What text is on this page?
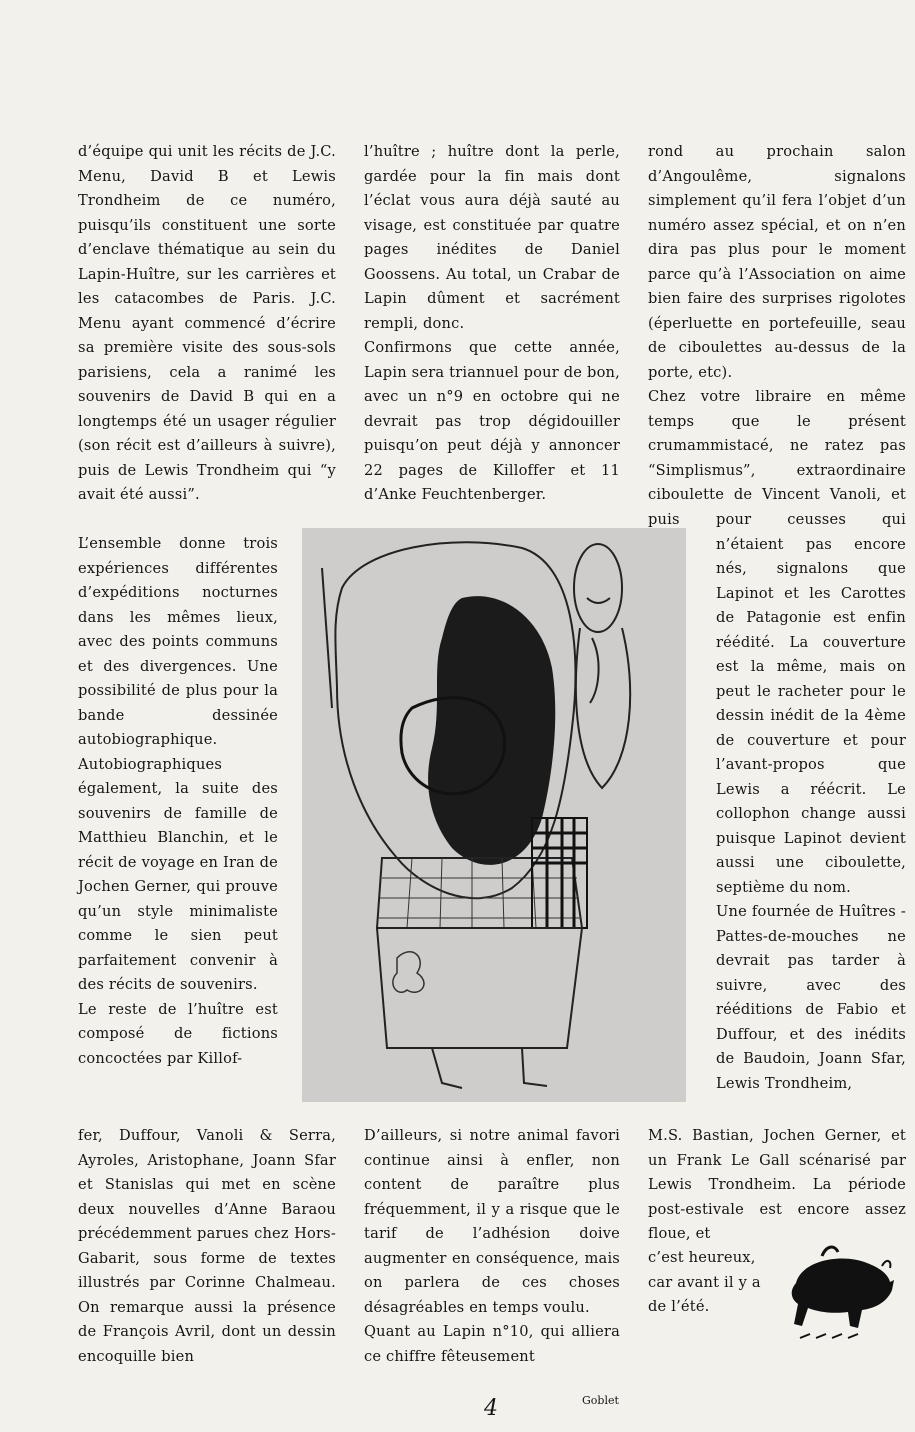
d’équipe qui unit les récits de J.C. Menu, David B et Lewis Trondheim de ce numéro, puisqu’ils constituent une sorte d’enclave thématique au sein du Lapin-Huître, sur les carrières et les catacombes de Paris. J.C. Menu ayant commencé d’écrire sa première visite des sous-sols parisiens, cela a ranimé les souvenirs de David B qui en a longtemps été un usager régulier (son récit est d’ailleurs à suivre), puis de Lewis Trondheim qui “y avait été aussi”.

L’ensemble donne trois expériences différentes d’expéditions nocturnes dans les mêmes lieux, avec des points communs et des divergences. Une possibilité de plus pour la bande dessinée autobiographique. Autobiographiques également, la suite des souvenirs de famille de Matthieu Blanchin, et le récit de voyage en Iran de Jochen Gerner, qui prouve qu’un style minimaliste comme le sien peut parfaitement convenir à des récits de souvenirs.

Le reste de l’huître est composé de fictions concoctées par Killof-

l’huître ; huître dont la perle, gardée pour la fin mais dont l’éclat vous aura déjà sauté au visage, est constituée par quatre pages inédites de Daniel Goossens. Au total, un Crabar de Lapin dûment et sacrément rempli, donc.

Confirmons que cette année, Lapin sera triannuel pour de bon, avec un n°9 en octobre qui ne devrait pas trop dégidouiller puisqu’on peut déjà y annoncer 22 pages de Killoffer et 11 d’Anke Feuchtenberger.

rond au prochain salon d’Angoulême, signalons simplement qu’il fera l’objet d’un numéro assez spécial, et on n’en dira pas plus pour le moment parce qu’à l’Association on aime bien faire des surprises rigolotes (éperluette en portefeuille, seau de ciboulettes au-dessus de la porte, etc).

Chez votre libraire en même temps que le présent crumammistacé, ne ratez pas “Simplismus”, extraordinaire ciboulette de Vincent Vanoli, et puis	pour ceusses qui n’étaient pas encore nés, signalons que Lapinot et les Carottes de Patagonie est enfin réédité. La couverture est la même, mais on peut le racheter pour le dessin inédit de la 4ème de couverture et pour l’avant-propos que Lewis a réécrit. Le collophon change aussi puisque Lapinot devient aussi une ciboulette, septième du nom.

Une fournée de Huîtres -Pattes-de-mouches ne devrait pas tarder à suivre, avec des rééditions de Fabio et Duffour, et des inédits de Baudoin, Joann Sfar, Lewis Trondheim,

fer, Duffour, Vanoli & Serra, Ayroles, Aristophane, Joann Sfar et Stanislas qui met en scène deux nouvelles d’Anne Baraou précédemment parues chez Hors-Gabarit, sous forme de textes illustrés par Corinne Chalmeau. On remarque aussi la présence de François Avril, dont un dessin encoquille bien

D’ailleurs, si notre animal favori continue ainsi à enfler, non content de paraître plus fréquemment, il y a risque que le tarif de l’adhésion doive augmenter en conséquence, mais on parlera de ces choses désagréables en temps voulu.

Quant au Lapin n°10, qui alliera ce chiffre fêteusement

M.S. Bastian, Jochen Gerner, et un Frank Le Gall scénarisé par Lewis Trondheim. La période post-estivale est encore assez floue, et

c’est heureux, car avant il y a de l’été.

4	Goblet
